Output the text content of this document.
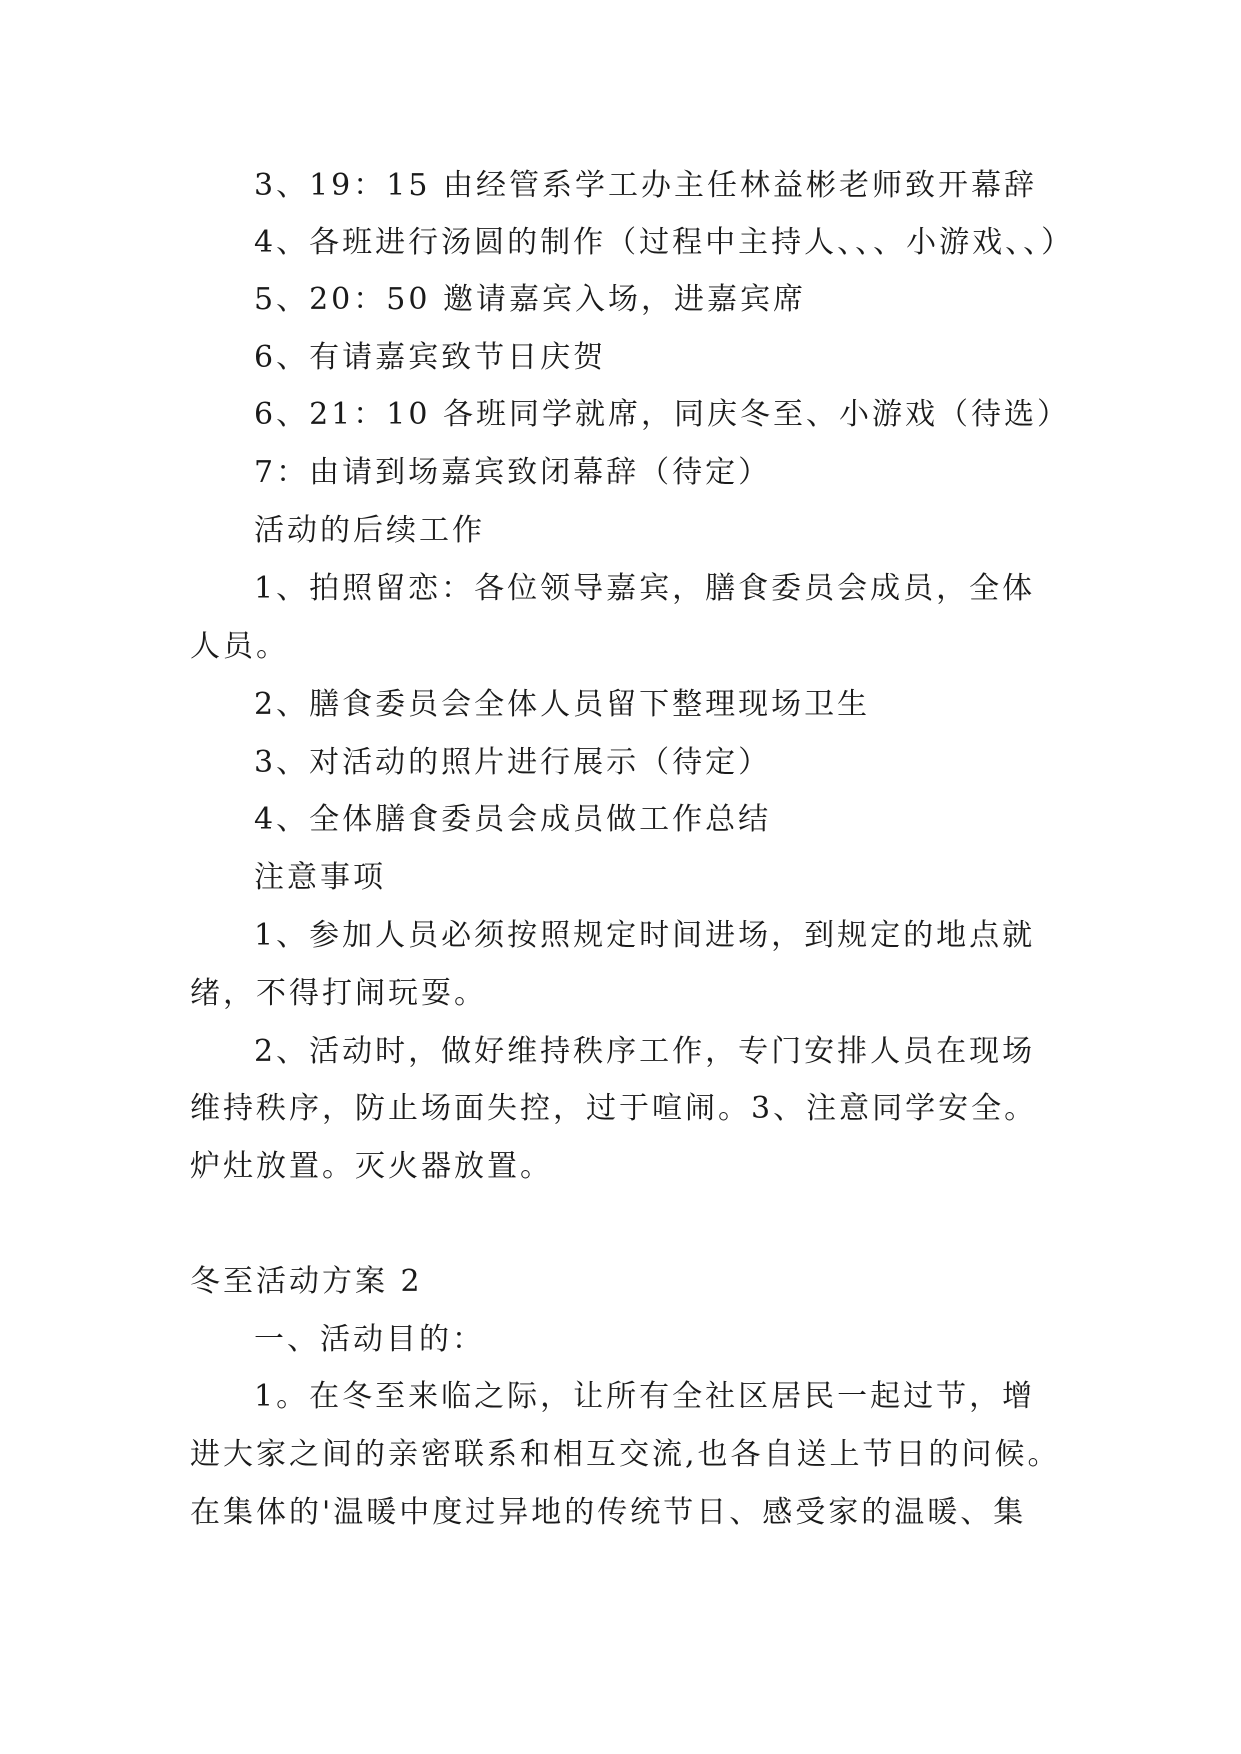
3、19：15 由经管系学工办主任林益彬老师致开幕辞
4、各班进行汤圆的制作（过程中主持人、、、小游戏、、）
5、20：50 邀请嘉宾入场，进嘉宾席
6、有请嘉宾致节日庆贺
6、21：10 各班同学就席，同庆冬至、小游戏（待选）
7：由请到场嘉宾致闭幕辞（待定）
活动的后续工作
1、拍照留恋：各位领导嘉宾，膳食委员会成员，全体
人员。
2、膳食委员会全体人员留下整理现场卫生
3、对活动的照片进行展示（待定）
4、全体膳食委员会成员做工作总结
注意事项
1、参加人员必须按照规定时间进场，到规定的地点就
绪，不得打闹玩耍。
2、活动时，做好维持秩序工作，专门安排人员在现场
维持秩序，防止场面失控，过于喧闹。3、注意同学安全。
炉灶放置。灭火器放置。
冬至活动方案 2
一、活动目的：
1。在冬至来临之际，让所有全社区居民一起过节，增
进大家之间的亲密联系和相互交流,也各自送上节日的问候。
在集体的'温暖中度过异地的传统节日、感受家的温暖、集
